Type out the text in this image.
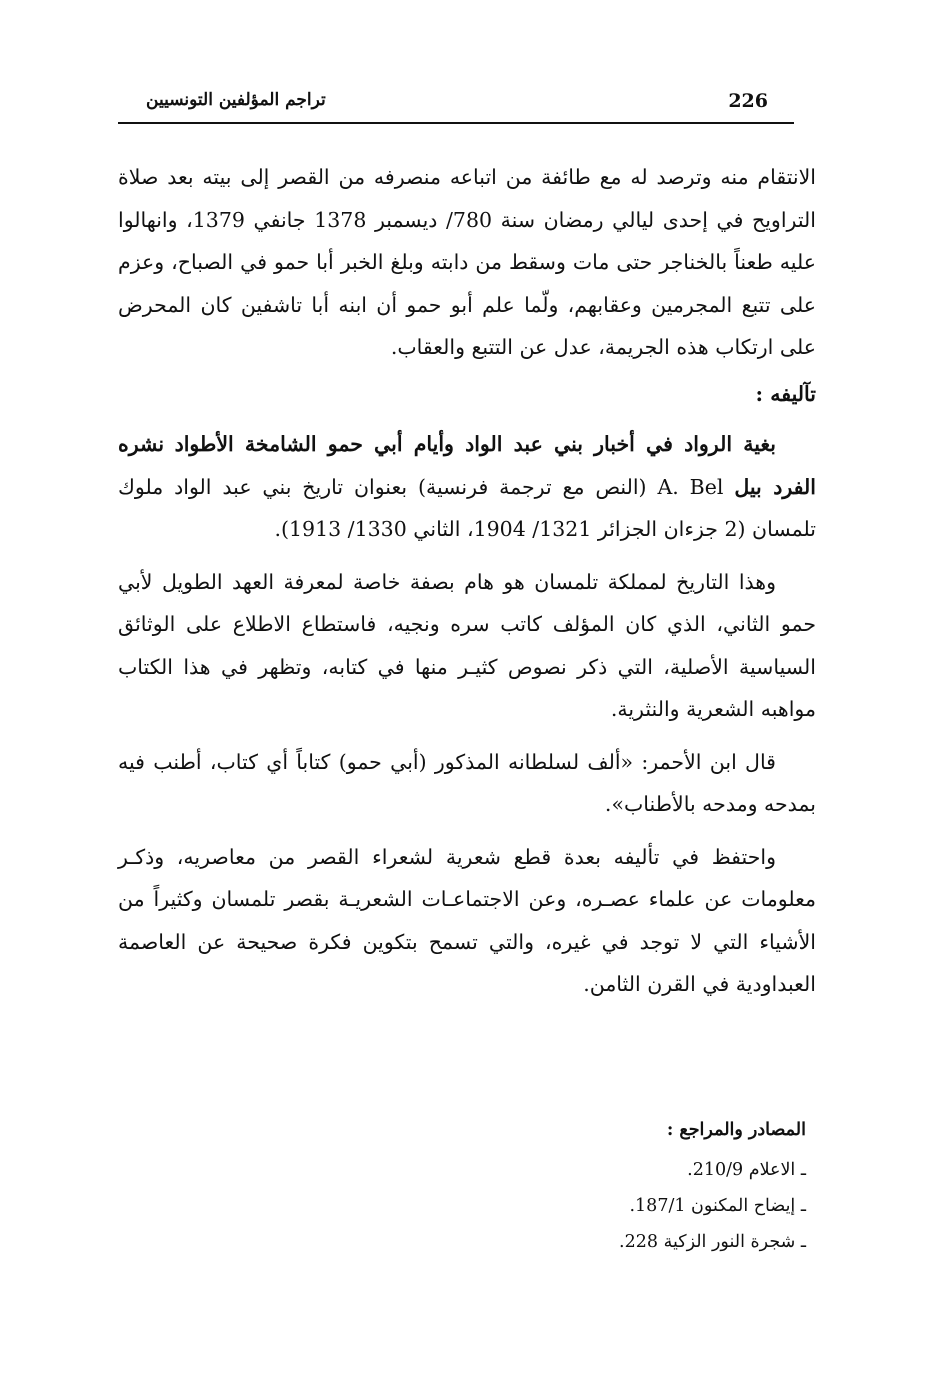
226
تراجم المؤلفين التونسيين

الانتقام منه وترصد له مع طائفة من اتباعه منصرفه من القصر إلى بيته بعد صلاة التراويح في إحدى ليالي رمضان سنة 780/ ديسمبر 1378 جانفي 1379، وانهالوا عليه طعناً بالخناجر حتى مات وسقط من دابته وبلغ الخبر أبا حمو في الصباح، وعزم على تتبع المجرمين وعقابهم، ولّما علم أبو حمو أن ابنه أبا تاشفين كان المحرض على ارتكاب هذه الجريمة، عدل عن التتبع والعقاب.

تآليفه :

بغية الرواد في أخبار بني عبد الواد وأيام أبي حمو الشامخة الأطواد نشره الفرد بيل A. Bel (النص مع ترجمة فرنسية) بعنوان تاريخ بني عبد الواد ملوك تلمسان (2 جزءان الجزائر 1321/ 1904، الثاني 1330/ 1913).

وهذا التاريخ لمملكة تلمسان هو هام بصفة خاصة لمعرفة العهد الطويل لأبي حمو الثاني، الذي كان المؤلف كاتب سره ونجيه، فاستطاع الاطلاع على الوثائق السياسية الأصلية، التي ذكر نصوص كثيـر منها في كتابه، وتظهر في هذا الكتاب مواهبه الشعرية والنثرية.

قال ابن الأحمر: «ألف لسلطانه المذكور (أبي حمو) كتاباً أي كتاب، أطنب فيه بمدحه ومدحه بالأطناب».

واحتفظ في تأليفه بعدة قطع شعرية لشعراء القصر من معاصريه، وذكـر معلومات عن علماء عصـره، وعن الاجتماعـات الشعريـة بقصر تلمسان وكثيراً من الأشياء التي لا توجد في غيره، والتي تسمح بتكوين فكرة صحيحة عن العاصمة العبداودية في القرن الثامن.

المصادر والمراجع :

ـ الاعلام 210/9.

ـ إيضاح المكنون 187/1.

ـ شجرة النور الزكية 228.
